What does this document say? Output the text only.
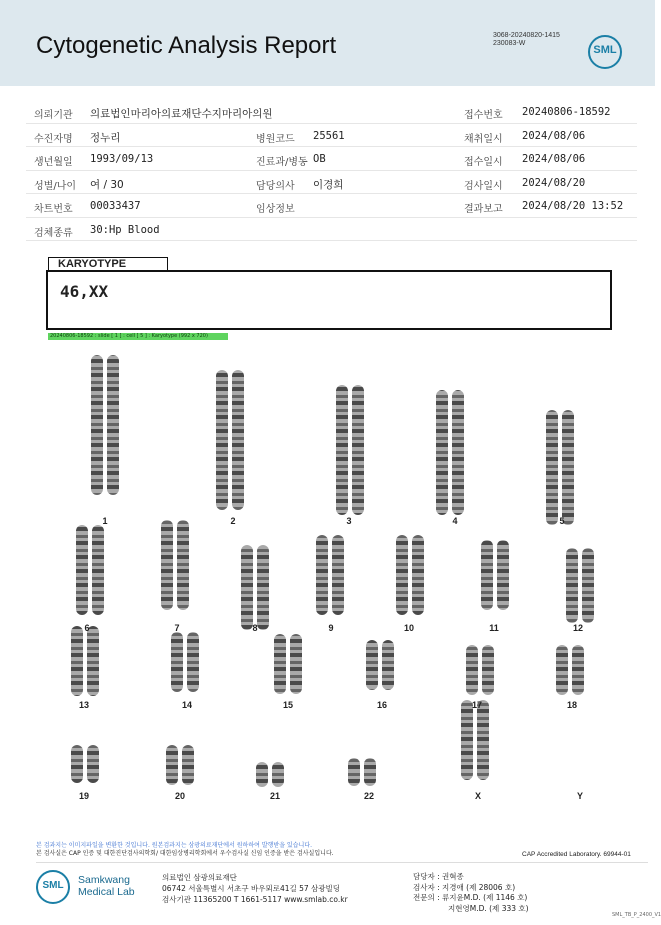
Cytogenetic Analysis Report	3068-20240820-1415
230083-W
SML
의뢰기관 의료법인마리아의료재단수지마리아의원	접수번호 20240806-18592
수진자명 정누리	병원코드 25561	채취일시 2024/08/06
생년월일 1993/09/13	진료과/병동 OB	접수일시 2024/08/06
성별/나이 여 / 30	담당의사 이경희	검사일시 2024/08/20
차트번호 00033437	임상정보	결과보고 2024/08/20 13:52
검체종류 30:Hp Blood
KARYOTYPE
46,XX
20240806-18592 : slide [ 1 ] : cell [ 5 ] : Karyotype (992 x 720)
1	2	3	4	5
6	7	8	9	10	11	12
13	14	15	16	17	18
19	20	21	22	X	Y
본 검과지는 이미지파일을 변환한 것입니다. 원본검과지는 삼광의료재단에서 원하하여 발행받을 있습니다.
본 검사실은 CAP 인증 및 대한진단검사의학회/ 대한임상병리학회에서 우수검사실 신임 인증을 받은 검사실입니다.	CAP Accredited Laboratory. 69944-01
SML	Samkwang
Medical Lab
의료법인 삼광의료재단
06742 서울특별시 서초구 바우뫼로41길 57 삼광빌딩
검사기관 11365200 T 1661-5117 www.smlab.co.kr
담당자 : 권혁종
검사자 : 지경애 (제 28006 호)
전문의 : 류지윤M.D. (제 1146 호)
지현영M.D. (제 333 호)
SML_TB_P_2400_V1
